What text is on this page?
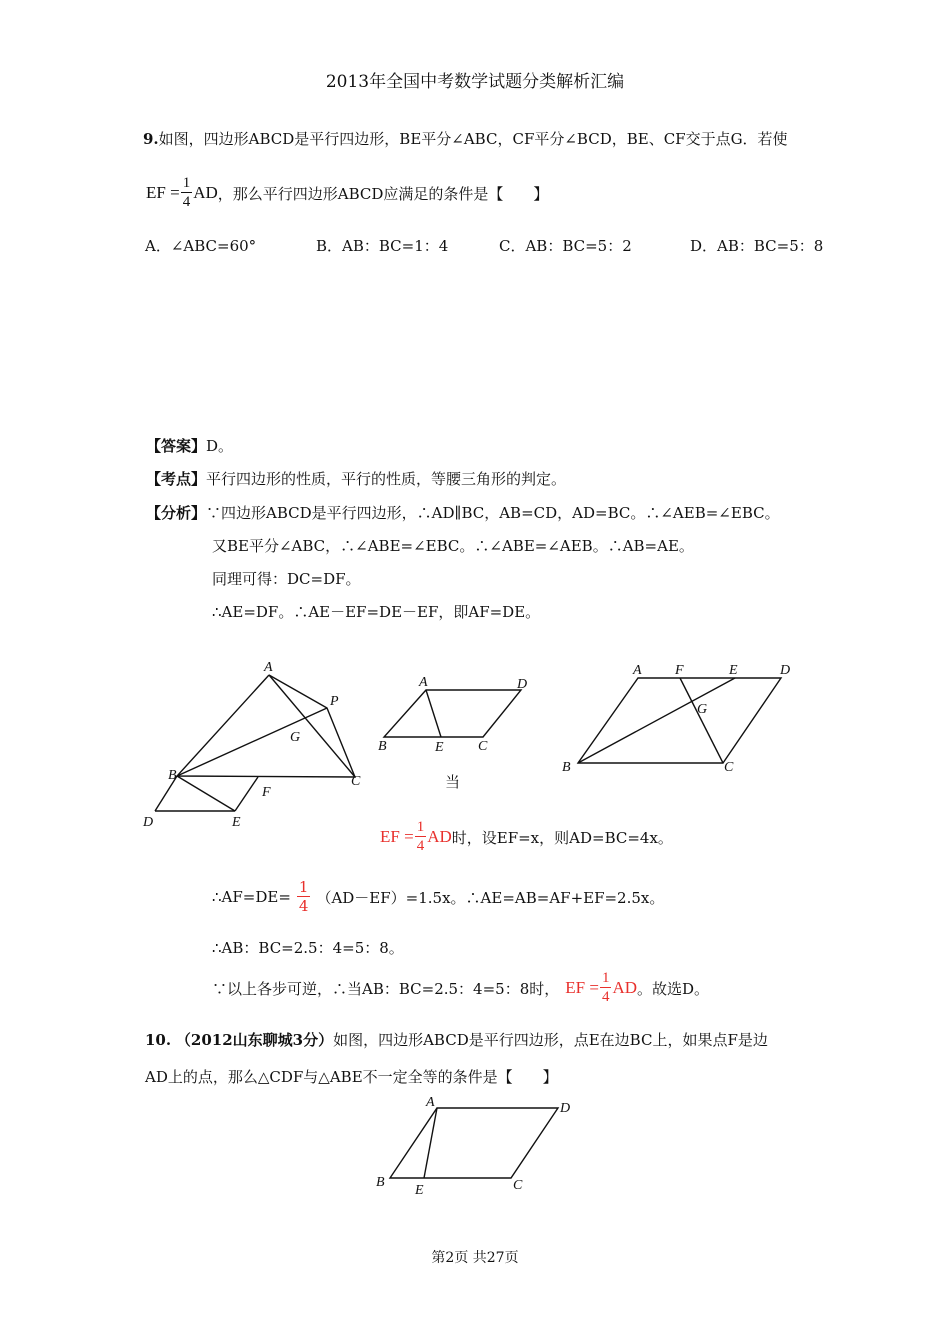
2013年全国中考数学试题分类解析汇编
9.如图，四边形ABCD是平行四边形，BE平分∠ABC，CF平分∠BCD，BE、CF交于点G．若使
EF = $\frac{1}{4}$ AD ，那么平行四边形ABCD应满足的条件是【　　】
A．∠ABC=60°	B．AB：BC=1：4	C．AB：BC=5：2	D．AB：BC=5：8
【答案】D。
【考点】平行四边形的性质，平行的性质，等腰三角形的判定。
【分析】∵四边形ABCD是平行四边形，∴AD∥BC，AB=CD，AD=BC。∴∠AEB=∠EBC。
又BE平分∠ABC，∴∠ABE=∠EBC。∴∠ABE=∠AEB。∴AB=AE。
同理可得：DC=DF。
∴AE=DF。∴AE－EF=DE－EF，即AF=DE。
A
P
G
B	C
F
D	E
A	D
B	E C
当
A F	E	D
G
B	C
EF = $\frac{1}{4}$ AD 时，设EF=x，则AD=BC=4x。
∴AF=DE= $\frac{1}{4} (AD-EF)=1.5x$。∴AE=AB=AF+EF=2.5x。
∴AB：BC=2.5：4=5：8。
∵以上各步可逆，∴当AB：BC=2.5：4=5：8时， EF = $\frac{1}{4}$ AD 。故选D。
10. （2012山东聊城3分）如图，四边形ABCD是平行四边形，点E在边BC上，如果点F是边
AD上的点，那么△CDF与△ABE不一定全等的条件是【　　】
A	D
B
E	C
第2页 共27页
